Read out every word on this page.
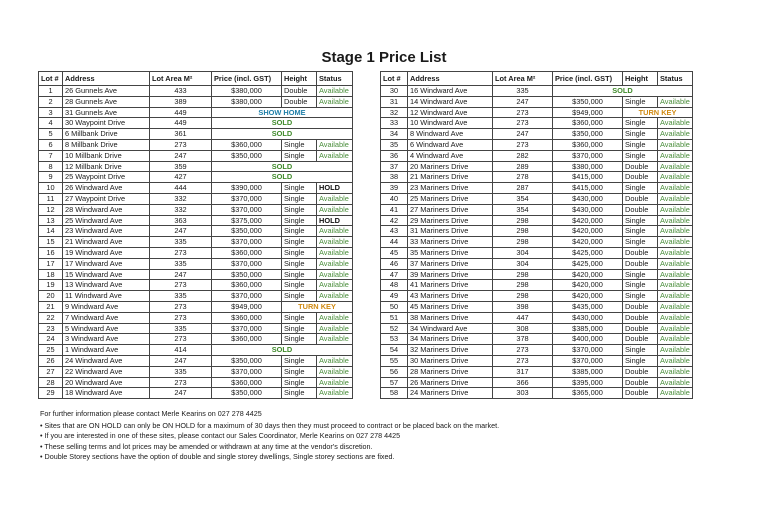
Stage 1 Price List
Lot #	Address	Lot Area M²	Price (incl. GST)	Height	Status
1	26 Gunnels Ave	433	$380,000	Double	Available
2	28 Gunnels Ave	389	$380,000	Double	Available
3	31 Gunnels Ave	449	SHOW HOME		
4	30 Waypoint Drive	449	SOLD		
5	6 Millbank Drive	361	SOLD		
6	8 Millbank Drive	273	$360,000	Single	Available
7	10 Millbank Drive	247	$350,000	Single	Available
8	12 Millbank Drive	359	SOLD		
9	25 Waypoint Drive	427	SOLD		
10	26 Windward Ave	444	$390,000	Single	HOLD
11	27 Waypoint Drive	332	$370,000	Single	Available
12	28 Windward Ave	332	$370,000	Single	Available
13	25 Windward Ave	363	$375,000	Single	HOLD
14	23 Windward Ave	247	$350,000	Single	Available
15	21 Windward Ave	335	$370,000	Single	Available
16	19 Windward Ave	273	$360,000	Single	Available
17	17 Windward Ave	335	$370,000	Single	Available
18	15 Windward Ave	247	$350,000	Single	Available
19	13 Windward Ave	273	$360,000	Single	Available
20	11 Windward Ave	335	$370,000	Single	Available
21	9 Windward Ave	273	$949,000	TURN KEY	
22	7 Windward Ave	273	$360,000	Single	Available
23	5 Windward Ave	335	$370,000	Single	Available
24	3 Windward Ave	273	$360,000	Single	Available
25	1 Windward Ave	414	SOLD		
26	24 Windward Ave	247	$350,000	Single	Available
27	22 Windward Ave	335	$370,000	Single	Available
28	20 Windward Ave	273	$360,000	Single	Available
29	18 Windward Ave	247	$350,000	Single	Available
Lot #	Address	Lot Area M²	Price (incl. GST)	Height	Status
30	16 Windward Ave	335	SOLD		
31	14 Windward Ave	247	$350,000	Single	Available
32	12 Windward Ave	273	$949,000	TURN KEY	
33	10 Windward Ave	273	$360,000	Single	Available
34	8 Windward Ave	247	$350,000	Single	Available
35	6 Windward Ave	273	$360,000	Single	Available
36	4 Windward Ave	282	$370,000	Single	Available
37	20 Mariners Drive	289	$380,000	Double	Available
38	21 Mariners Drive	278	$415,000	Double	Available
39	23 Mariners Drive	287	$415,000	Single	Available
40	25 Mariners Drive	354	$430,000	Double	Available
41	27 Mariners Drive	354	$430,000	Double	Available
42	29 Mariners Drive	298	$420,000	Single	Available
43	31 Mariners Drive	298	$420,000	Single	Available
44	33 Mariners Drive	298	$420,000	Single	Available
45	35 Mariners Drive	304	$425,000	Double	Available
46	37 Mariners Drive	304	$425,000	Double	Available
47	39 Mariners Drive	298	$420,000	Single	Available
48	41 Mariners Drive	298	$420,000	Single	Available
49	43 Mariners Drive	298	$420,000	Single	Available
50	45 Mariners Drive	398	$435,000	Double	Available
51	38 Mariners Drive	447	$430,000	Double	Available
52	34 Windward Ave	308	$385,000	Double	Available
53	34 Mariners Drive	378	$400,000	Double	Available
54	32 Mariners Drive	273	$370,000	Single	Available
55	30 Mariners Drive	273	$370,000	Single	Available
56	28 Mariners Drive	317	$385,000	Double	Available
57	26 Mariners Drive	366	$395,000	Double	Available
58	24 Mariners Drive	303	$365,000	Double	Available
For further information please contact Merle Kearins on 027 278 4425
• Sites that are ON HOLD can only be ON HOLD for a maximum of 30 days then they must proceed to contract or be placed back on the market.
• If you are interested in one of these sites, please contact our Sales Coordinator, Merle Kearins on 027 278 4425
• These selling terms and lot prices may be amended or withdrawn at any time at the vendor's discretion.
• Double Storey sections have the option of double and single storey dwellings, Single storey sections are fixed.
